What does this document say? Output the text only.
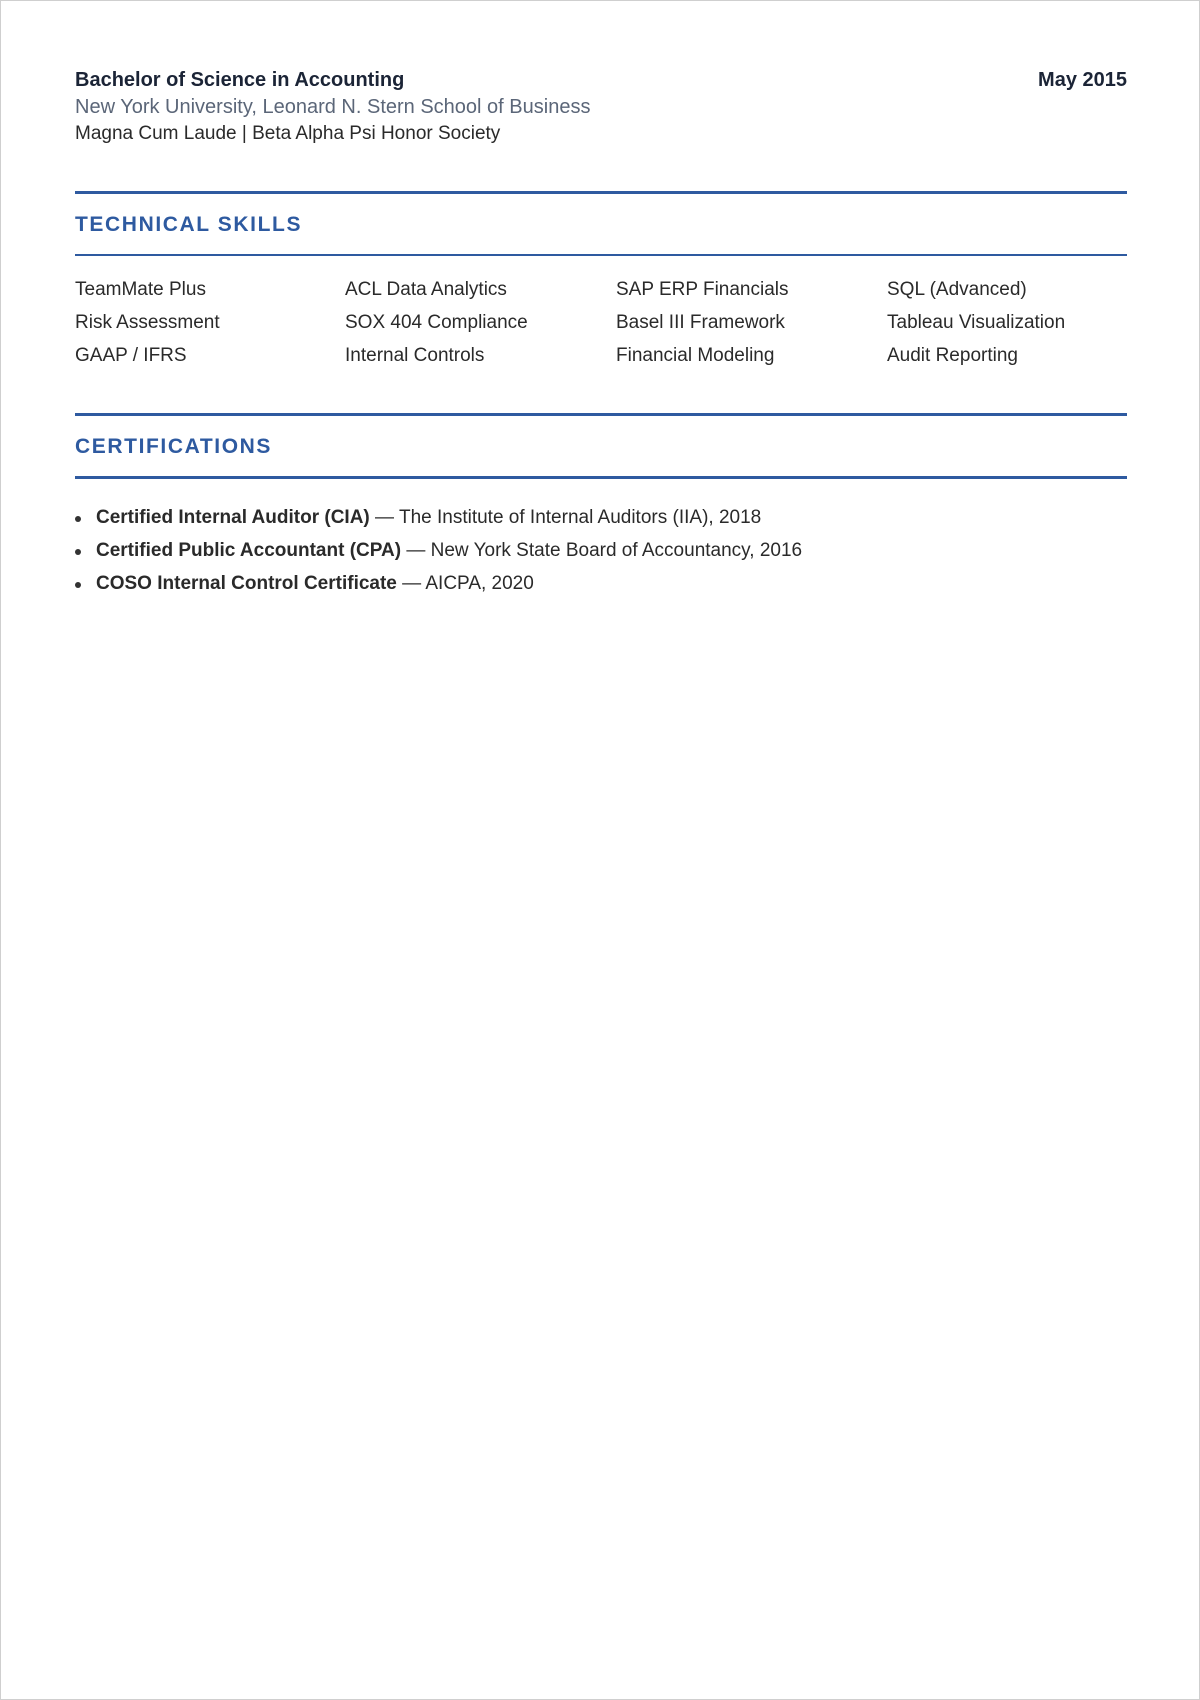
Bachelor of Science in Accounting	May 2015
New York University, Leonard N. Stern School of Business
Magna Cum Laude | Beta Alpha Psi Honor Society
TECHNICAL SKILLS
TeamMate Plus	ACL Data Analytics	SAP ERP Financials	SQL (Advanced)
Risk Assessment	SOX 404 Compliance	Basel III Framework	Tableau Visualization
GAAP / IFRS	Internal Controls	Financial Modeling	Audit Reporting
CERTIFICATIONS
Certified Internal Auditor (CIA) — The Institute of Internal Auditors (IIA), 2018
Certified Public Accountant (CPA) — New York State Board of Accountancy, 2016
COSO Internal Control Certificate — AICPA, 2020
